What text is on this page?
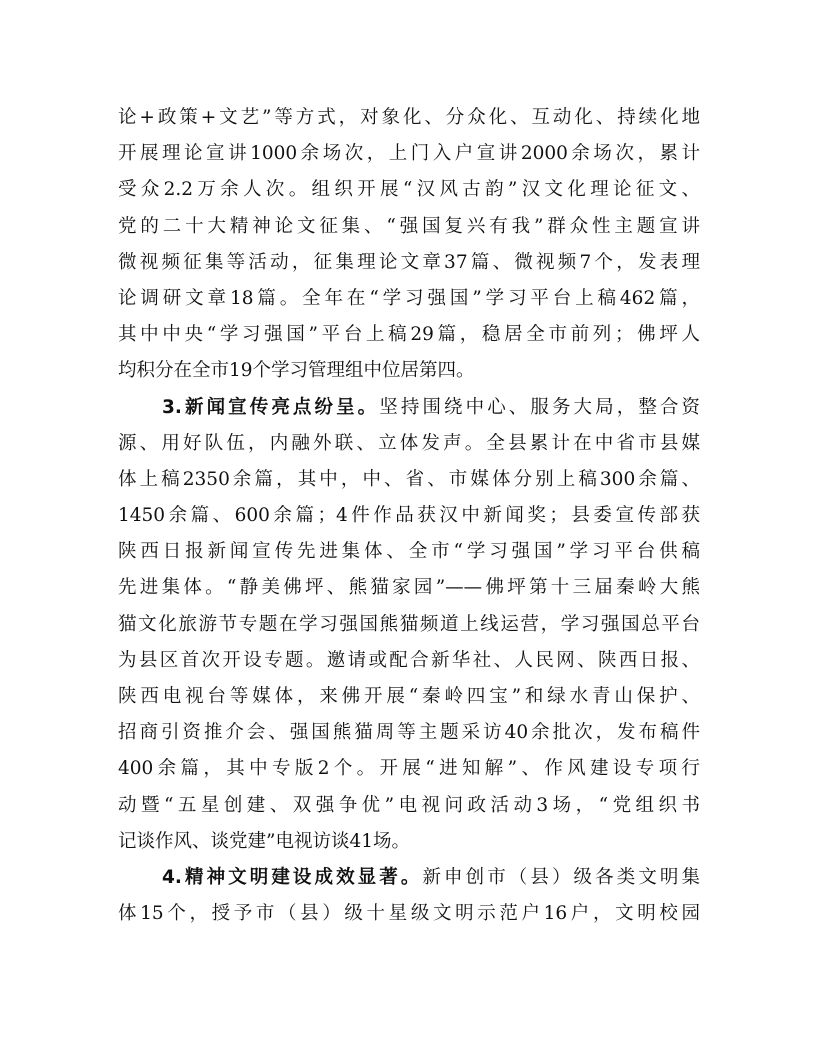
论+政策+文艺”等方式，对象化、分众化、互动化、持续化地
开展理论宣讲1000余场次，上门入户宣讲2000余场次，累计
受众2.2万余人次。组织开展“汉风古韵”汉文化理论征文、
党的二十大精神论文征集、“强国复兴有我”群众性主题宣讲
微视频征集等活动，征集理论文章37篇、微视频7个，发表理
论调研文章18篇。全年在“学习强国”学习平台上稿462篇，
其中中央“学习强国”平台上稿29篇，稳居全市前列；佛坪人
均积分在全市19个学习管理组中位居第四。
3.新闻宣传亮点纷呈。坚持围绕中心、服务大局，整合资
源、用好队伍，内融外联、立体发声。全县累计在中省市县媒
体上稿2350余篇，其中，中、省、市媒体分别上稿300余篇、
1450余篇、600余篇；4件作品获汉中新闻奖；县委宣传部获
陕西日报新闻宣传先进集体、全市“学习强国”学习平台供稿
先进集体。“静美佛坪、熊猫家园”——佛坪第十三届秦岭大熊
猫文化旅游节专题在学习强国熊猫频道上线运营，学习强国总平台
为县区首次开设专题。邀请或配合新华社、人民网、陕西日报、
陕西电视台等媒体，来佛开展“秦岭四宝”和绿水青山保护、
招商引资推介会、强国熊猫周等主题采访40余批次，发布稿件
400余篇，其中专版2个。开展“进知解”、作风建设专项行
动暨“五星创建、双强争优”电视问政活动3场，“党组织书
记谈作风、谈党建”电视访谈41场。
4.精神文明建设成效显著。新申创市（县）级各类文明集
体15个，授予市（县）级十星级文明示范户16户，文明校园
